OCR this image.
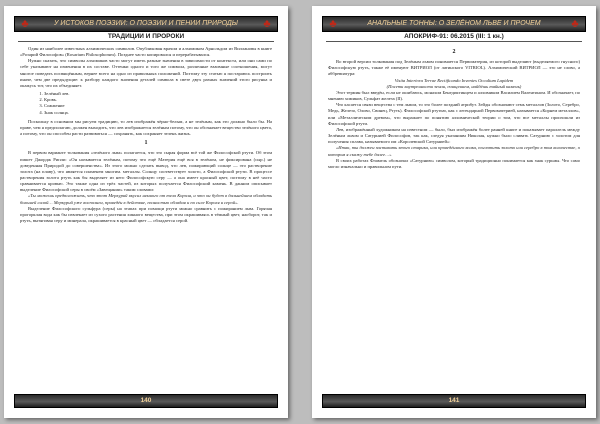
♣	У ИСТОКОВ ПОЭЗИИ: О ПОЭЗИИ И ПЕНИИ ПРИРОДЫ	♣
ТРАДИЦИИ И ПРОРОКИ

Один из наиболее известных алхимических символов. Опубликован врачом и алхимиком Арнольдом из Виллановы в книге «Розарий Философов» (Rosarium Philosophorum). Позднее часто копировался и перерабатывался.

Нужно сказать, что символы алхимиков часто могут иметь разные значения в зависимости от контекста, или они сами по себе указывают на изменения в их составе. Оттенки одного и того же символа, различные взаимные соотношения, могут многое поведать посвящённым, вернее всего на одно из правильных положений. Поэтому эту статью я постараюсь построить иначе, чем две предыдущие: к разбору каждого значения деталей символа в свете двух разных значений этого рисунка и окажусь тот, что их объединяет.

1. Зелёный лев.
2. Кровь.
3. Сожжение
4. Знак солнца.

Поскольку в основном мы рисуем традицию, то лев изображён чёрно-белым, а не зелёным, как это должно было бы. На праве, чем я предполагаю, должен выходить, что лев изображается зелёным потому, что он обозначает вещество зелёного цвета, а потому, что он способен расти развиваться — сохранять, как сохраняет зелень жизнь.

1

В первом варианте толкования «зелёного льва» полагается, что это сырая форма всё той же Философской ртути. Об этом пишет Джордж Рипли: «Он называется зелёным, потому что ещё Материя ещё вся в зелёном, не фиксирована (сыр.) не доведенная Природой до совершенства». Из этого можно сделать вывод, что лев, пожирающий солнце — это растворение золота (на плаву), что является пламенем многим. металлы. Солнцу соответствует золото, а Философской ртути. В процессе растворения золота ртуть как бы выделяет из него Философскую серу — а она имеет красный цвет, поэтому в неё часто сравнивается кровью. Это также одна из трёх частей, из которых получается Философский камень. В данном описывает выделение Философской серы в своём «Завещании» таким словами:

«Ты можешь предположить, что этот Меркурий вкусил немного от тела Короля, и что он будет в дальнейшем обладать большей силой… Меркурий уже восполнен, приведён в действие, полностью обладая и по силе Короля и серой».

Выделение Философского сульфура (серы) на этапах при помощи ртути можно сравнить с пожиранием льва. Горячая прогорклая вода как бы извлекает из сухого растения хинного вещества, при этом окрашиваясь в тёмный цвет, наоборот, так и ртуть, вытягивая серу и минерала, окрашивается в красный цвет — обладается серой.

140
♣	АНАЛЬНЫЕ ТОННЫ: О ЗЕЛЁНОМ ЛЬВЕ И ПРОЧЕМ	♣
АПОКРИФ-91: 06.2015 (III: 1 кн.)

2

Во второй версии толкования под Зелёным львом понимается Первоматерия, из которой выделяют (выделяемого гнусного) Философскую ртуть, также её именуют ВИТРИОЛ (от латинского VITRIOL). Алхимический ВИТРИОЛ — это не слово, а аббревиатура:

Visita Interiora Terrae Rectificando Invenies Occultum Lapidem

(Посети внутренности земли, очищением, найдёшь тайный камень)

Этот термин был введён, если не ошибаюсь, монахом Бенедиктинцем и алхимиком Василием Валентином. И обозначает, по мнению химиков, Сульфат железа (II).

Что касается связи вещества с тем львом, то это более поздний атрибут. Зейды обозначают семь металлов (Золото, Серебро, Медь, Железо, Олово, Свинец, Ртуть). Философской ртутью, как с легендарной Первоматерией, называется «Корнем металлов», или «Металлическим древом», что выражает по понятию алхимической теории о том, что все металлы произошли из Философской ртути.

Лев, изображённый художником на известном — было, был изображён более ранней книге и показывает параллель между Зелёным львом и Сатурнией Философов, так как, следуя указаниям Николая, нужно было сливать Сатурнию с золотом для получения сплава, называемого им «Королевской Сатурнией»:

«Итак, ты должен заставить этого старика, или проведённого волка, поглотить золото или серебро в том количестве, о котором я скажу тебе далее…»

В своих работах Фламель обозначал «Сатурнию» символом, который традиционно понимается как знак сурьмы. Что само могло изначально и правильном пути.

141
